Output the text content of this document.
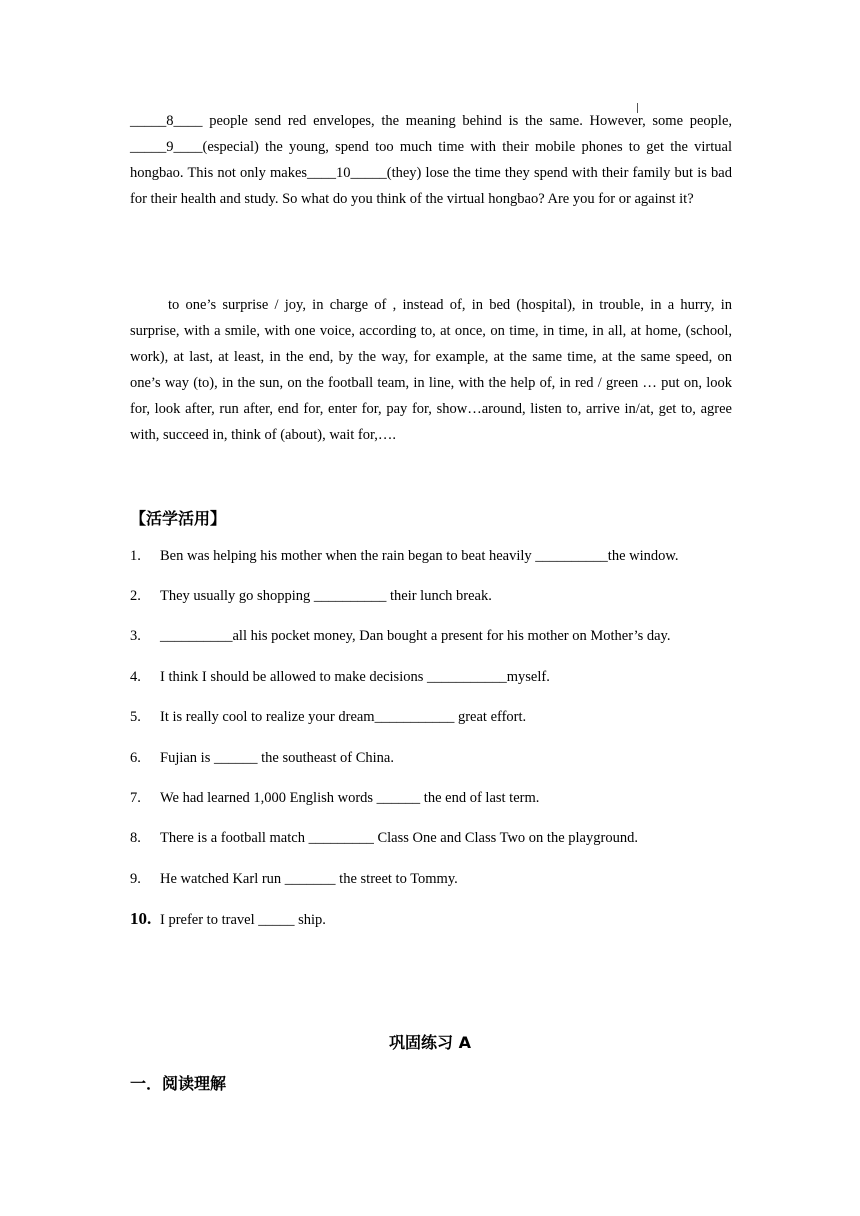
_____8____ people send red envelopes, the meaning behind is the same. However, some people, _____9____(especial) the young, spend too much time with their mobile phones to get the virtual hongbao. This not only makes____10_____(they) lose the time they spend with their family but is bad for their health and study. So what do you think of the virtual hongbao? Are you for or against it?

to one’s surprise / joy, in charge of , instead of, in bed (hospital), in trouble, in a hurry, in surprise, with a smile, with one voice, according to, at once, on time, in time, in all, at home, (school, work), at last, at least, in the end, by the way, for example, at the same time, at the same speed, on one’s way (to), in the sun, on the football team, in line, with the help of, in red / green … put on, look for, look after, run after, end for, enter for, pay for, show…around, listen to, arrive in/at, get to, agree with, succeed in, think of (about), wait for,….

【活学活用】
1. Ben was helping his mother when the rain began to beat heavily __________the window.
2. They usually go shopping __________ their lunch break.
3. __________all his pocket money, Dan bought a present for his mother on Mother’s day.
4. I think I should be allowed to make decisions ___________myself.
5. It is really cool to realize your dream___________ great effort.
6. Fujian is ______ the southeast of China.
7. We had learned 1,000 English words ______ the end of last term.
8. There is a football match _________ Class One and Class Two on the playground.
9. He watched Karl run _______ the street to Tommy.
10. I prefer to travel _____ ship.
巩固练习 A
一．阅读理解
